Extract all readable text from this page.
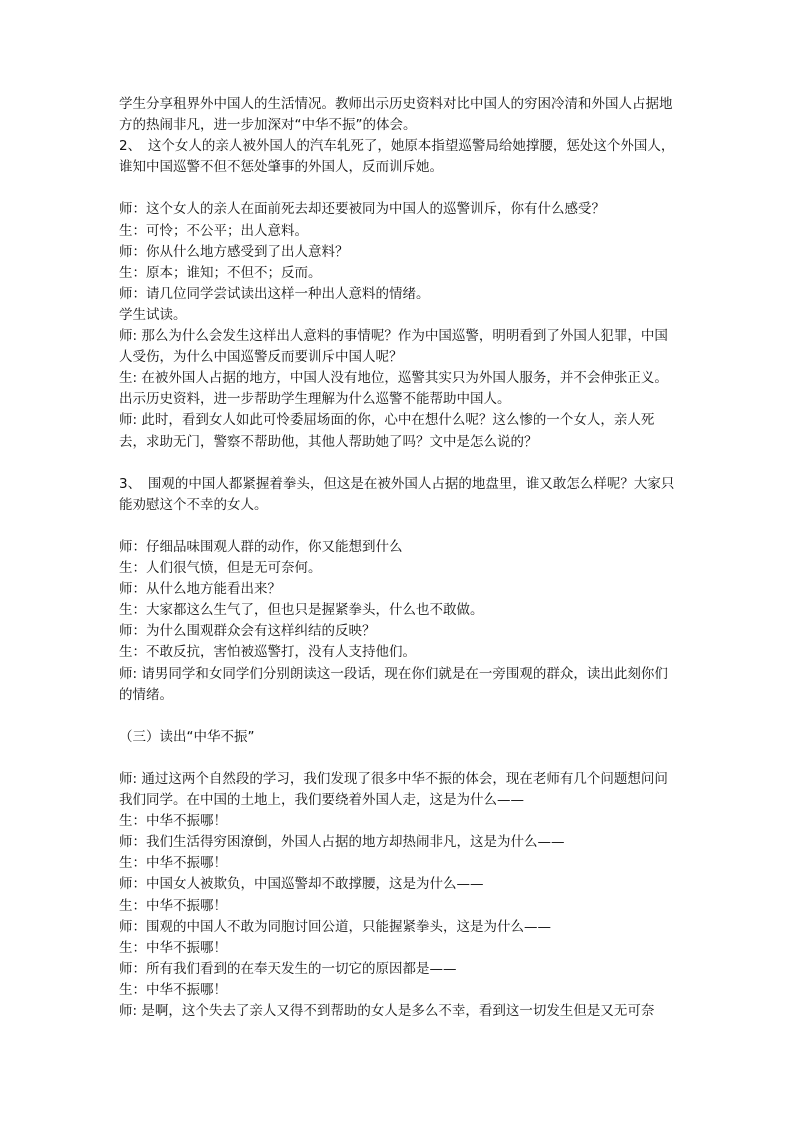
学生分享租界外中国人的生活情况。教师出示历史资料对比中国人的穷困冷清和外国人占据地方的热闹非凡，进一步加深对“中华不振”的体会。

2、　这个女人的亲人被外国人的汽车轧死了，她原本指望巡警局给她撑腰，惩处这个外国人，谁知中国巡警不但不惩处肇事的外国人，反而训斥她。

师：这个女人的亲人在面前死去却还要被同为中国人的巡警训斥，你有什么感受？

生：可怜；不公平；出人意料。

师：你从什么地方感受到了出人意料？

生：原本；谁知；不但不；反而。

师：请几位同学尝试读出这样一种出人意料的情绪。

学生试读。

师: 那么为什么会发生这样出人意料的事情呢？作为中国巡警，明明看到了外国人犯罪，中国人受伤，为什么中国巡警反而要训斥中国人呢？

生: 在被外国人占据的地方，中国人没有地位，巡警其实只为外国人服务，并不会伸张正义。出示历史资料，进一步帮助学生理解为什么巡警不能帮助中国人。

师: 此时，看到女人如此可怜委屈场面的你，心中在想什么呢？这么惨的一个女人，亲人死去，求助无门，警察不帮助他，其他人帮助她了吗？文中是怎么说的？

3、　围观的中国人都紧握着拳头，但这是在被外国人占据的地盘里，谁又敢怎么样呢？大家只能劝慰这个不幸的女人。

师：仔细品味围观人群的动作，你又能想到什么

生：人们很气愤，但是无可奈何。

师：从什么地方能看出来？

生：大家都这么生气了，但也只是握紧拳头，什么也不敢做。

师：为什么围观群众会有这样纠结的反映？

生：不敢反抗，害怕被巡警打，没有人支持他们。

师: 请男同学和女同学们分别朗读这一段话，现在你们就是在一旁围观的群众，读出此刻你们的情绪。

（三）读出“中华不振”

师: 通过这两个自然段的学习，我们发现了很多中华不振的体会，现在老师有几个问题想问问我们同学。在中国的土地上，我们要绕着外国人走，这是为什么——

生：中华不振哪！

师：我们生活得穷困潦倒，外国人占据的地方却热闹非凡，这是为什么——

生：中华不振哪！

师：中国女人被欺负，中国巡警却不敢撑腰，这是为什么——

生：中华不振哪！

师：围观的中国人不敢为同胞讨回公道，只能握紧拳头，这是为什么——

生：中华不振哪！

师：所有我们看到的在奉天发生的一切它的原因都是——

生：中华不振哪！

师: 是啊，这个失去了亲人又得不到帮助的女人是多么不幸，看到这一切发生但是又无可奈
